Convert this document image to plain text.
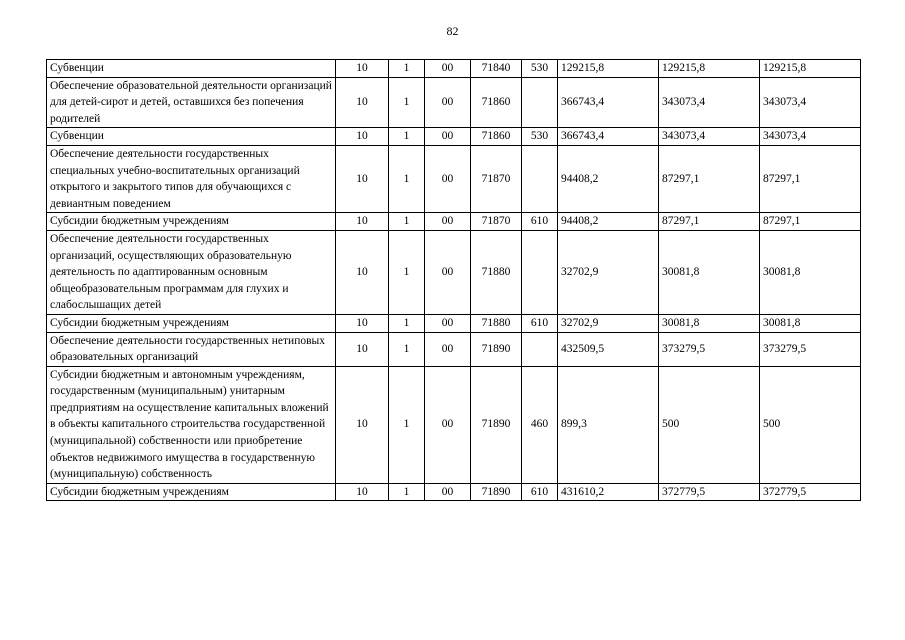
82
Субвенции	10	1	00	71840	530	129215,8	129215,8	129215,8
Обеспечение образовательной деятельности организаций для детей-сирот и детей, оставшихся без попечения родителей	10	1	00	71860		366743,4	343073,4	343073,4
Субвенции	10	1	00	71860	530	366743,4	343073,4	343073,4
Обеспечение деятельности государственных специальных учебно-воспитательных организаций открытого и закрытого типов для обучающихся с девиантным поведением	10	1	00	71870		94408,2	87297,1	87297,1
Субсидии бюджетным учреждениям	10	1	00	71870	610	94408,2	87297,1	87297,1
Обеспечение деятельности государственных организаций, осуществляющих образовательную деятельность по адаптированным основным общеобразовательным программам для глухих и слабослышащих детей	10	1	00	71880		32702,9	30081,8	30081,8
Субсидии бюджетным учреждениям	10	1	00	71880	610	32702,9	30081,8	30081,8
Обеспечение деятельности государственных нетиповых образовательных организаций	10	1	00	71890		432509,5	373279,5	373279,5
Субсидии бюджетным и автономным учреждениям, государственным (муниципальным) унитарным предприятиям на осуществление капитальных вложений в объекты капитального строительства государственной (муниципальной) собственности или приобретение объектов недвижимого имущества в государственную (муниципальную) собственность	10	1	00	71890	460	899,3	500	500
Субсидии бюджетным учреждениям	10	1	00	71890	610	431610,2	372779,5	372779,5
